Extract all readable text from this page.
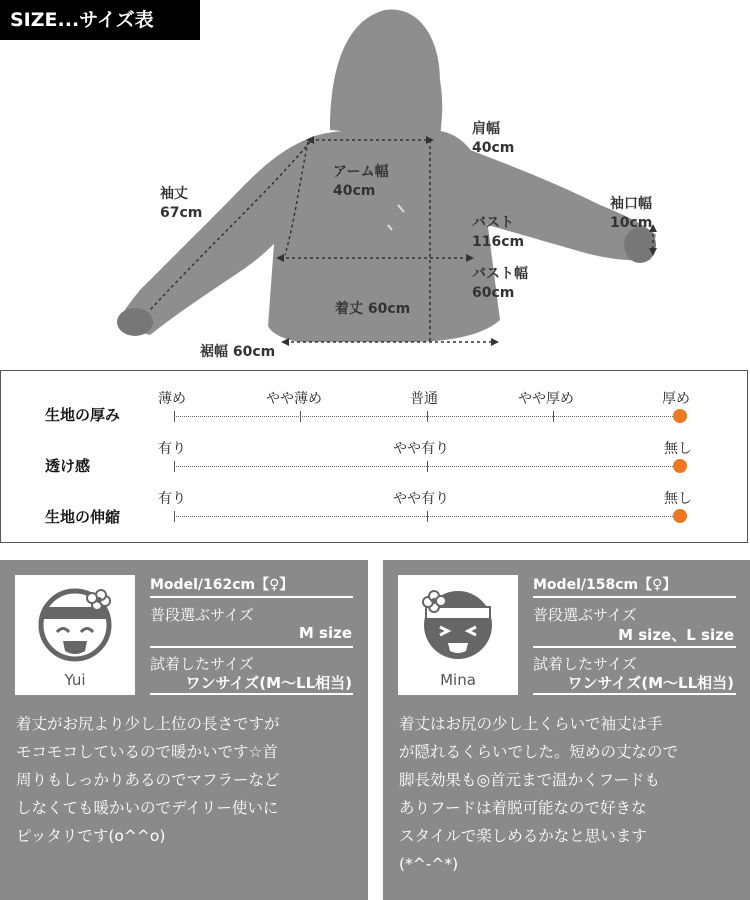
SIZE...サイズ表
肩幅
40cm
アーム幅
40cm
袖丈
67cm
袖口幅
10cm
バスト
116cm
バスト幅
60cm
着丈 60cm
裾幅 60cm
生地の厚み
薄め	やや薄め	普通	やや厚め	厚め
透け感
有り	やや有り	無し
生地の伸縮
有り	やや有り	無し
Yui
Model/162cm【♀】
普段選ぶサイズ
M size
試着したサイズ
ワンサイズ(M～LL相当)
着丈がお尻より少し上位の長さですが
モコモコしているので暖かいです☆首
周りもしっかりあるのでマフラーなど
しなくても暖かいのでデイリー使いに
ピッタリです(o^^o)
Mina
Model/158cm【♀】
普段選ぶサイズ
M size、L size
試着したサイズ
ワンサイズ(M～LL相当)
着丈はお尻の少し上くらいで袖丈は手
が隠れるくらいでした。短めの丈なので
脚長効果も◎首元まで温かくフードも
ありフードは着脱可能なので好きな
スタイルで楽しめるかなと思います
(*^-^*)
